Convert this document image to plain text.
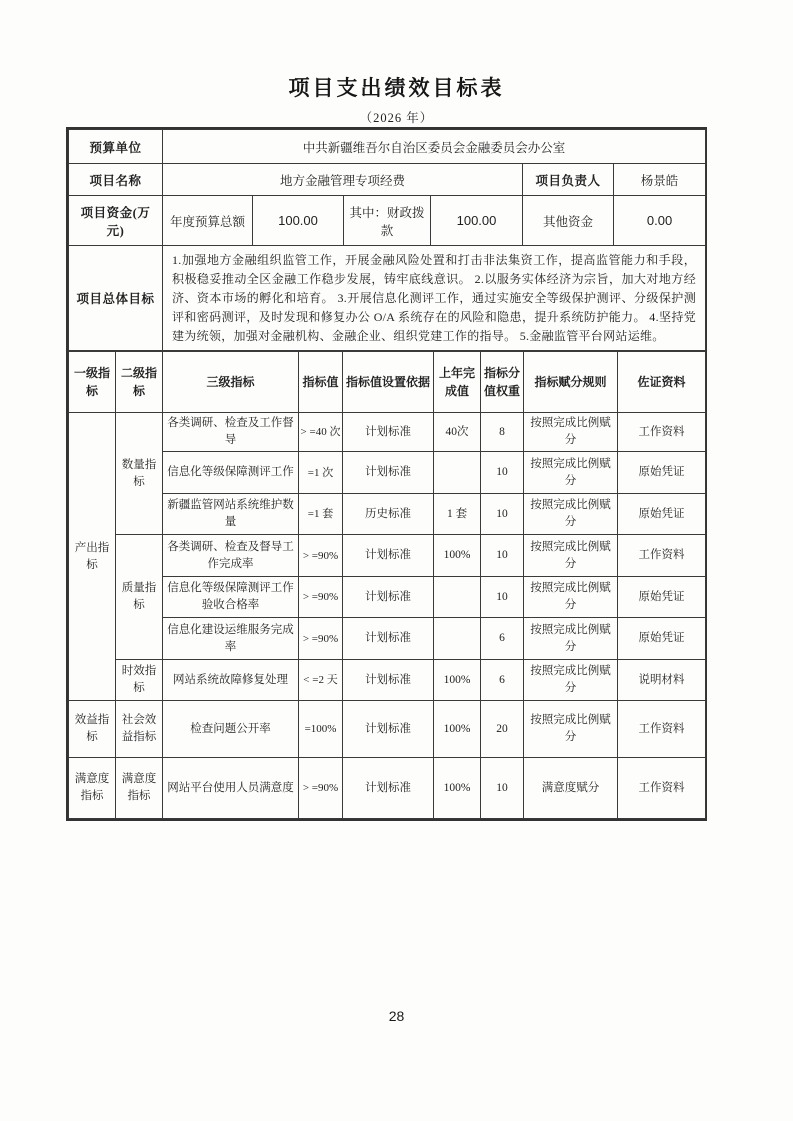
项目支出绩效目标表
（2026 年）
预算单位	中共新疆维吾尔自治区委员会金融委员会办公室					
项目名称	地方金融管理专项经费				项目负责人	杨景皓
项目资金(万元)	年度预算总额	100.00	其中：财政拨款	100.00	其他资金	0.00
项目总体目标	1.加强地方金融组织监管工作，开展金融风险处置和打击非法集资工作，提高监管能力和手段，积极稳妥推动全区金融工作稳步发展，铸牢底线意识。 2.以服务实体经济为宗旨，加大对地方经济、资本市场的孵化和培育。 3.开展信息化测评工作，通过实施安全等级保护测评、分级保护测评和密码测评，及时发现和修复办公 O/A 系统存在的风险和隐患，提升系统防护能力。 4.坚持党建为统领，加强对金融机构、金融企业、组织党建工作的指导。 5.金融监管平台网站运维。					
一级指标	二级指标	三级指标	指标值	指标值设置依据	上年完成值	指标分值权重	指标赋分规则	佐证资料
产出指标	数量指标	各类调研、检查及工作督导	> =40 次	计划标准	40次	8	按照完成比例赋分	工作资料
		信息化等级保障测评工作	=1 次	计划标准		10	按照完成比例赋分	原始凭证
		新疆监管网站系统维护数量	=1 套	历史标准	1 套	10	按照完成比例赋分	原始凭证
	质量指标	各类调研、检查及督导工作完成率	> =90%	计划标准	100%	10	按照完成比例赋分	工作资料
		信息化等级保障测评工作验收合格率	> =90%	计划标准		10	按照完成比例赋分	原始凭证
		信息化建设运维服务完成率	> =90%	计划标准		6	按照完成比例赋分	原始凭证
	时效指标	网站系统故障修复处理	< =2 天	计划标准	100%	6	按照完成比例赋分	说明材料
效益指标	社会效益指标	检查问题公开率	=100%	计划标准	100%	20	按照完成比例赋分	工作资料
满意度指标	满意度指标	网站平台使用人员满意度	> =90%	计划标准	100%	10	满意度赋分	工作资料
28
